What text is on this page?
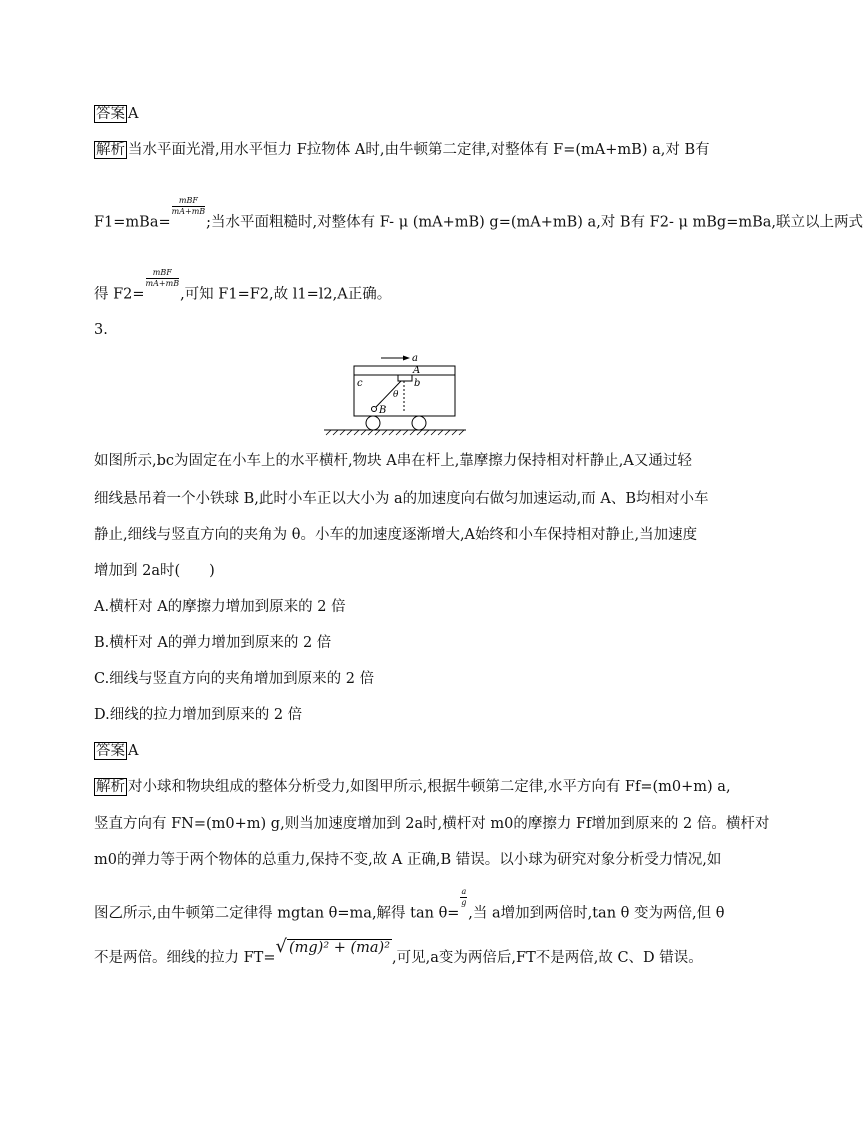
答案 A
解析 当水平面光滑,用水平恒力 F拉物体 A时,由牛顿第二定律,对整体有 F=(mA+mB) a,对 B有
F1=mBa=
$\frac{\text{mBF}}{mA+mB}$
;当水平面粗糙时,对整体有 F- μ (mA+mB) g=(mA+mB) a,对 B有 F2- μ mBg=mBa,联立以上两式
得 F2=
$\frac{\text{mBF}}{mA+mB}$
,可知 F1=F2,故 l1=l2,A正确。
3.
a
A
b
c
B
θ
如图所示,bc为固定在小车上的水平横杆,物块 A串在杆上,靠摩擦力保持相对杆静止,A又通过轻
细线悬吊着一个小铁球 B,此时小车正以大小为 a的加速度向右做匀加速运动,而 A、B均相对小车
静止,细线与竖直方向的夹角为 θ。小车的加速度逐渐增大,A始终和小车保持相对静止,当加速度
增加到 2a时(　　)
A.横杆对 A的摩擦力增加到原来的 2 倍
B.横杆对 A的弹力增加到原来的 2 倍
C.细线与竖直方向的夹角增加到原来的 2 倍
D.细线的拉力增加到原来的 2 倍
答案 A
解析 对小球和物块组成的整体分析受力,如图甲所示,根据牛顿第二定律,水平方向有 Ff=(m0+m) a,
竖直方向有 FN=(m0+m) g,则当加速度增加到 2a时,横杆对 m0的摩擦力 Ff增加到原来的 2 倍。横杆对
m0的弹力等于两个物体的总重力,保持不变,故 A 正确,B 错误。以小球为研究对象分析受力情况,如
图乙所示,由牛顿第二定律得 mgtan θ=ma,解得 tan θ=
$\frac{a}{g}$
,当 a增加到两倍时,tan θ 变为两倍,但 θ
不是两倍。细线的拉力 FT=√ (mg)² + (ma)²,可见,a变为两倍后,FT不是两倍,故 C、D 错误。
